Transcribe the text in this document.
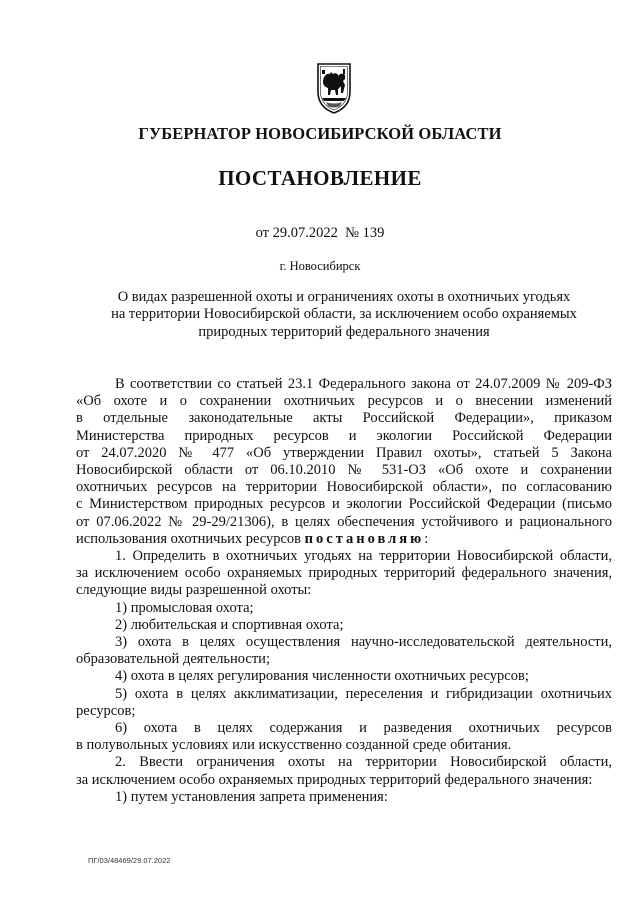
ГУБЕРНАТОР НОВОСИБИРСКОЙ ОБЛАСТИ
ПОСТАНОВЛЕНИЕ
от 29.07.2022  № 139
г. Новосибирск
О видах разрешенной охоты и ограничениях охоты в охотничьих угодьях
на территории Новосибирской области, за исключением особо охраняемых
природных территорий федерального значения

В соответствии со статьей 23.1 Федерального закона от 24.07.2009 № 209-ФЗ

«Об охоте и о сохранении охотничьих ресурсов и о внесении изменений

в отдельные законодательные акты Российской Федерации», приказом

Министерства природных ресурсов и экологии Российской Федерации

от 24.07.2020 № 477 «Об утверждении Правил охоты», статьей 5 Закона

Новосибирской области от 06.10.2010 № 531-ОЗ «Об охоте и сохранении

охотничьих ресурсов на территории Новосибирской области», по согласованию

с Министерством природных ресурсов и экологии Российской Федерации (письмо

от 07.06.2022 № 29-29/21306), в целях обеспечения устойчивого и рационального

использования охотничьих ресурсов постановляю:

1. Определить в охотничьих угодьях на территории Новосибирской области,

за исключением особо охраняемых природных территорий федерального значения,

следующие виды разрешенной охоты:

1) промысловая охота;

2) любительская и спортивная охота;

3) охота в целях осуществления научно-исследовательской деятельности,

образовательной деятельности;

4) охота в целях регулирования численности охотничьих ресурсов;

5) охота в целях акклиматизации, переселения и гибридизации охотничьих

ресурсов;

6) охота в целях содержания и разведения охотничьих ресурсов

в полувольных условиях или искусственно созданной среде обитания.

2. Ввести ограничения охоты на территории Новосибирской области,

за исключением особо охраняемых природных территорий федерального значения:

1) путем установления запрета применения:

ПГ/03/48469/29.07.2022
